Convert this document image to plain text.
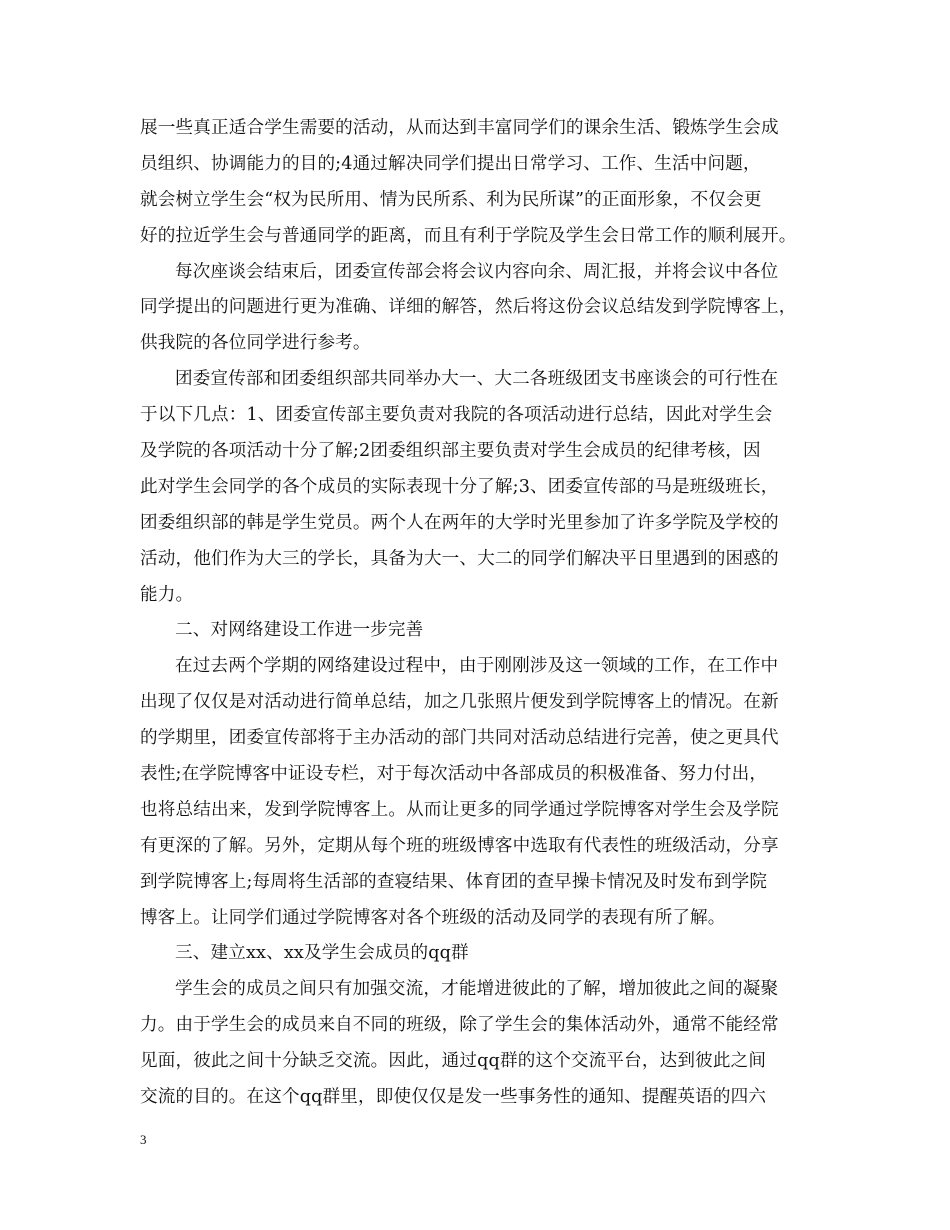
展一些真正适合学生需要的活动，从而达到丰富同学们的课余生活、锻炼学生会成
员组织、协调能力的目的;4通过解决同学们提出日常学习、工作、生活中问题，
就会树立学生会“权为民所用、情为民所系、利为民所谋”的正面形象，不仅会更
好的拉近学生会与普通同学的距离，而且有利于学院及学生会日常工作的顺利展开。
每次座谈会结束后，团委宣传部会将会议内容向余、周汇报，并将会议中各位
同学提出的问题进行更为准确、详细的解答，然后将这份会议总结发到学院博客上，
供我院的各位同学进行参考。
团委宣传部和团委组织部共同举办大一、大二各班级团支书座谈会的可行性在
于以下几点：1、团委宣传部主要负责对我院的各项活动进行总结，因此对学生会
及学院的各项活动十分了解;2团委组织部主要负责对学生会成员的纪律考核，因
此对学生会同学的各个成员的实际表现十分了解;3、团委宣传部的马是班级班长，
团委组织部的韩是学生党员。两个人在两年的大学时光里参加了许多学院及学校的
活动，他们作为大三的学长，具备为大一、大二的同学们解决平日里遇到的困惑的
能力。
二、对网络建设工作进一步完善
在过去两个学期的网络建设过程中，由于刚刚涉及这一领域的工作，在工作中
出现了仅仅是对活动进行简单总结，加之几张照片便发到学院博客上的情况。在新
的学期里，团委宣传部将于主办活动的部门共同对活动总结进行完善，使之更具代
表性;在学院博客中证设专栏，对于每次活动中各部成员的积极准备、努力付出，
也将总结出来，发到学院博客上。从而让更多的同学通过学院博客对学生会及学院
有更深的了解。另外，定期从每个班的班级博客中选取有代表性的班级活动，分享
到学院博客上;每周将生活部的查寝结果、体育团的查早操卡情况及时发布到学院
博客上。让同学们通过学院博客对各个班级的活动及同学的表现有所了解。
三、建立xx、xx及学生会成员的qq群
学生会的成员之间只有加强交流，才能增进彼此的了解，增加彼此之间的凝聚
力。由于学生会的成员来自不同的班级，除了学生会的集体活动外，通常不能经常
见面，彼此之间十分缺乏交流。因此，通过qq群的这个交流平台，达到彼此之间
交流的目的。在这个qq群里，即使仅仅是发一些事务性的通知、提醒英语的四六
3
